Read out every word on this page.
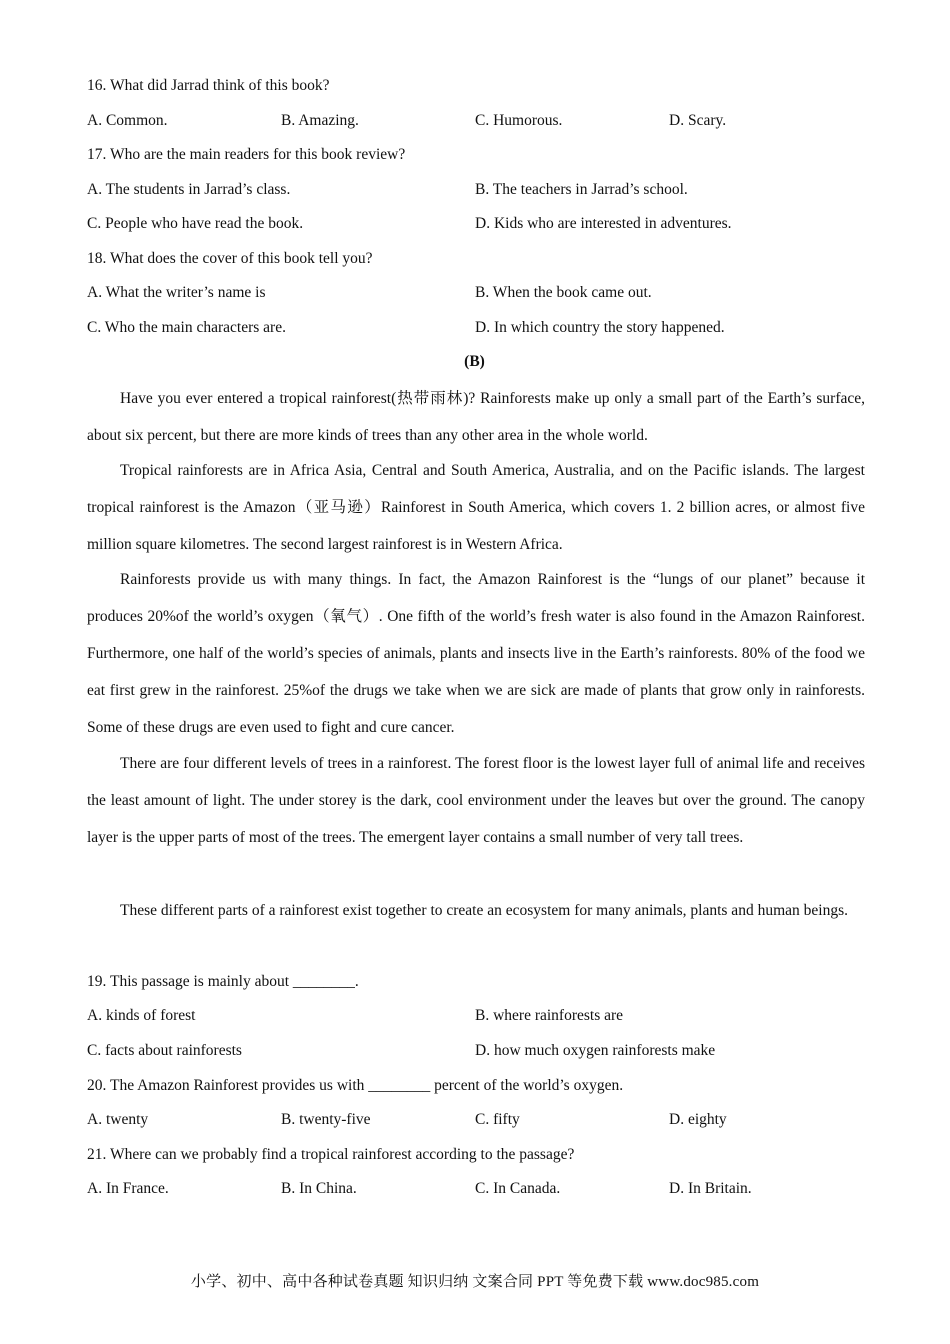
16. What did Jarrad think of this book?
A. Common.	B. Amazing.	C. Humorous.	D. Scary.
17. Who are the main readers for this book review?
A. The students in Jarrad’s class.	B. The teachers in Jarrad’s school.
C. People who have read the book.	D. Kids who are interested in adventures.
18. What does the cover of this book tell you?
A. What the writer’s name is	B. When the book came out.
C. Who the main characters are.	D. In which country the story happened.
(B)
Have you ever entered a tropical rainforest(热带雨林)? Rainforests make up only a small part of the Earth’s surface, about six percent, but there are more kinds of trees than any other area in the whole world.
Tropical rainforests are in Africa Asia, Central and South America, Australia, and on the Pacific islands. The largest tropical rainforest is the Amazon（亚马逊）Rainforest in South America, which covers 1. 2 billion acres, or almost five million square kilometres. The second largest rainforest is in Western Africa.
Rainforests provide us with many things. In fact, the Amazon Rainforest is the “lungs of our planet” because it produces 20%of the world’s oxygen（氧气）. One fifth of the world’s fresh water is also found in the Amazon Rainforest. Furthermore, one half of the world’s species of animals, plants and insects live in the Earth’s rainforests. 80% of the food we eat first grew in the rainforest. 25%of the drugs we take when we are sick are made of plants that grow only in rainforests. Some of these drugs are even used to fight and cure cancer.
There are four different levels of trees in a rainforest. The forest floor is the lowest layer full of animal life and receives the least amount of light. The under storey is the dark, cool environment under the leaves but over the ground. The canopy layer is the upper parts of most of the trees. The emergent layer contains a small number of very tall trees.
These different parts of a rainforest exist together to create an ecosystem for many animals, plants and human beings.
19. This passage is mainly about ________.
A. kinds of forest	B. where rainforests are
C. facts about rainforests	D. how much oxygen rainforests make
20. The Amazon Rainforest provides us with ________ percent of the world’s oxygen.
A. twenty	B. twenty-five	C. fifty	D. eighty
21. Where can we probably find a tropical rainforest according to the passage?
A. In France.	B. In China.	C. In Canada.	D. In Britain.
小学、初中、高中各种试卷真题 知识归纳 文案合同 PPT 等免费下载 www.doc985.com
